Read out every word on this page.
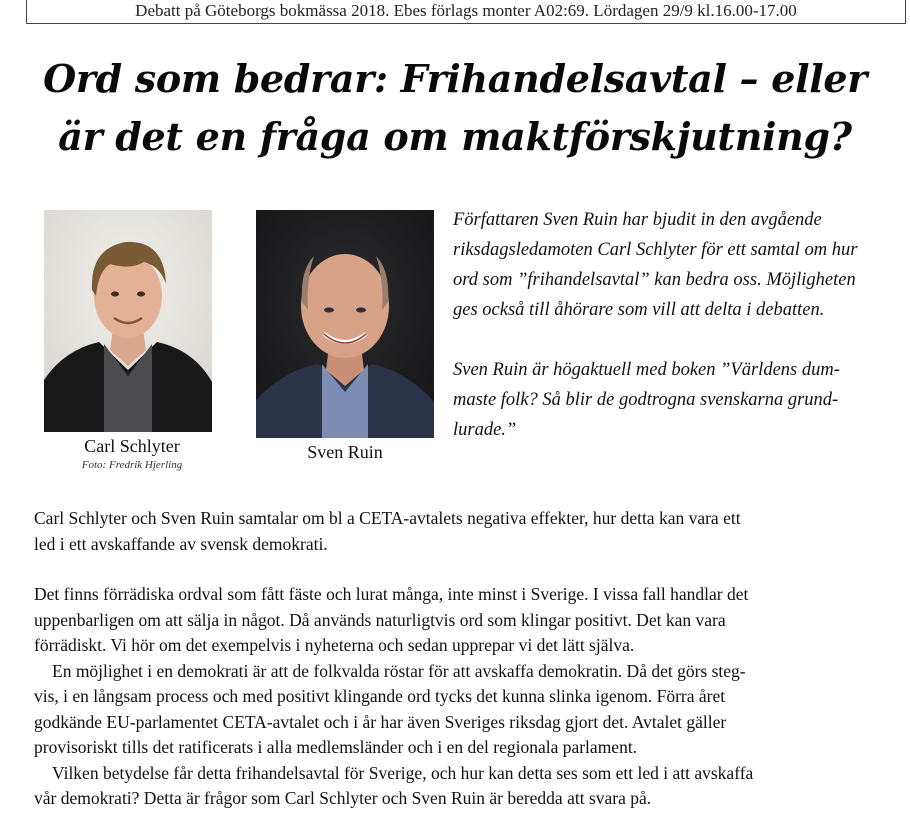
Debatt på Göteborgs bokmässa 2018. Ebes förlags monter A02:69. Lördagen 29/9 kl.16.00-17.00
Ord som bedrar: Frihandelsavtal – eller
är det en fråga om maktförskjutning?
Carl Schlyter
Foto: Fredrik Hjerling
Sven Ruin

Författaren Sven Ruin har bjudit in den avgående
riksdagsledamoten Carl Schlyter för ett samtal om hur
ord som ”frihandelsavtal” kan bedra oss. Möjligheten
ges också till åhörare som vill att delta i debatten.

Sven Ruin är högaktuell med boken ”Världens dum-
maste folk? Så blir de godtrogna svenskarna grund-
lurade.”

Carl Schlyter och Sven Ruin samtalar om bl a CETA-avtalets negativa effekter, hur detta kan vara ett
led i ett avskaffande av svensk demokrati.

Det finns förrädiska ordval som fått fäste och lurat många, inte minst i Sverige. I vissa fall handlar det
uppenbarligen om att sälja in något. Då används naturligtvis ord som klingar positivt. Det kan vara
förrädiskt. Vi hör om det exempelvis i nyheterna och sedan upprepar vi det lätt själva.

En möjlighet i en demokrati är att de folkvalda röstar för att avskaffa demokratin. Då det görs steg-
vis, i en långsam process och med positivt klingande ord tycks det kunna slinka igenom. Förra året
godkände EU-parlamentet CETA-avtalet och i år har även Sveriges riksdag gjort det. Avtalet gäller
provisoriskt tills det ratificerats i alla medlemsländer och i en del regionala parlament.

Vilken betydelse får detta frihandelsavtal för Sverige, och hur kan detta ses som ett led i att avskaffa
vår demokrati? Detta är frågor som Carl Schlyter och Sven Ruin är beredda att svara på.
